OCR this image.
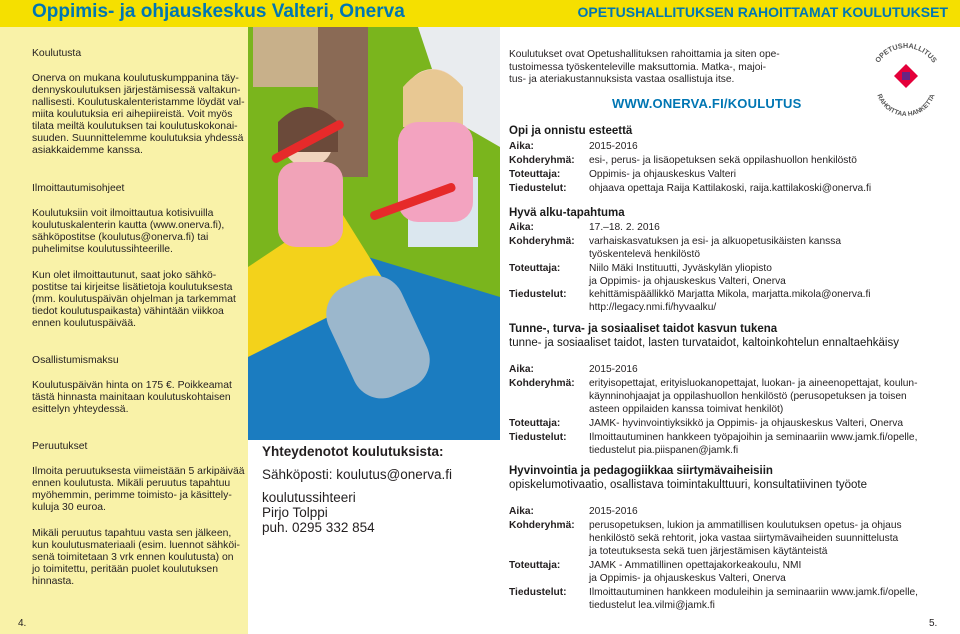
Oppimis- ja ohjauskeskus Valteri, Onerva	OPETUSHALLITUKSEN RAHOITTAMAT KOULUTUKSET
Koulutusta
Onerva on mukana koulutuskumppanina täy-
dennyskoulutuksen järjestämisessä valtakun-
nallisesti. Koulutuskalenteristamme löydät val-
miita koulutuksia eri aihepiireistä. Voit myös
tilata meiltä koulutuksen tai koulutuskokonai-
suuden. Suunnittelemme koulutuksia yhdessä
asiakkaidemme kanssa.
Ilmoittautumisohjeet
Koulutuksiin voit ilmoittautua kotisivuilla
koulutuskalenterin kautta (www.onerva.fi),
sähköpostitse (koulutus@onerva.fi) tai
puhelimitse koulutussihteerille.
Kun olet ilmoittautunut, saat joko sähkö-
postitse tai kirjeitse lisätietoja koulutuksesta
(mm. koulutuspäivän ohjelman ja tarkemmat
tiedot koulutuspaikasta) vähintään viikkoa
ennen koulutuspäivää.
Osallistumismaksu
Koulutuspäivän hinta on 175 €. Poikkeamat
tästä hinnasta mainitaan koulutuskohtaisen
esittelyn yhteydessä.
Peruutukset
Ilmoita peruutuksesta viimeistään 5 arkipäivää
ennen koulutusta. Mikäli peruutus tapahtuu
myöhemmin, perimme toimisto- ja käsittely-
kuluja 30 euroa.
Mikäli peruutus tapahtuu vasta sen jälkeen,
kun koulutusmateriaali (esim. luennot sähköi-
senä toimitetaan 3 vrk ennen koulutusta) on
jo toimitettu, peritään puolet koulutuksen
hinnasta.
Yhteydenotot koulutuksista:
Sähköposti: koulutus@onerva.fi
koulutussihteeri
Pirjo Tolppi
puh. 0295 332 854
Koulutukset ovat Opetushallituksen rahoittamia ja siten ope-
tustoimessa työskenteleville maksuttomia. Matka-, majoi-
tus- ja ateriakustannuksista vastaa osallistuja itse.
WWW.ONERVA.FI/KOULUTUS
OPETUSHALLITUS
RAHOITTAA HANKETTA
Opi ja onnistu esteettä
Aika:	2015-2016
Kohderyhmä: esi-, perus- ja lisäopetuksen sekä oppilashuollon henkilöstö
Toteuttaja:	Oppimis- ja ohjauskeskus Valteri
Tiedustelut: ohjaava opettaja Raija Kattilakoski, raija.kattilakoski@onerva.fi
Hyvä alku-tapahtuma
Aika:	17.–18. 2. 2016
Kohderyhmä: varhaiskasvatuksen ja esi- ja alkuopetusikäisten kanssa
työskentelevä henkilöstö
Toteuttaja:	Niilo Mäki Instituutti, Jyväskylän yliopisto
ja Oppimis- ja ohjauskeskus Valteri, Onerva
Tiedustelut: kehittämispäällikkö Marjatta Mikola, marjatta.mikola@onerva.fi
http://legacy.nmi.fi/hyvaalku/
Tunne-, turva- ja sosiaaliset taidot kasvun tukena
tunne- ja sosiaaliset taidot, lasten turvataidot, kaltoinkohtelun ennaltaehkäisy
Aika:	2015-2016
Kohderyhmä: erityisopettajat, erityisluokanopettajat, luokan- ja aineenopettajat, koulun-
käynninohjaajat ja oppilashuollon henkilöstö (perusopetuksen ja toisen
asteen oppilaiden kanssa toimivat henkilöt)
Toteuttaja:	JAMK- hyvinvointiyksikkö ja Oppimis- ja ohjauskeskus Valteri, Onerva
Tiedustelut: Ilmoittautuminen hankkeen työpajoihin ja seminaariin www.jamk.fi/opelle,
tiedustelut pia.piispanen@jamk.fi
Hyvinvointia ja pedagogiikkaa siirtymävaiheisiin
opiskelumotivaatio, osallistava toimintakulttuuri, konsultatiivinen työote
Aika:	2015-2016
Kohderyhmä: perusopetuksen, lukion ja ammatillisen koulutuksen opetus- ja ohjaus
henkilöstö sekä rehtorit, joka vastaa siirtymävaiheiden suunnittelusta
ja toteutuksesta sekä tuen järjestämisen käytänteistä
Toteuttaja:	JAMK - Ammatillinen opettajakorkeakoulu, NMI
ja Oppimis- ja ohjauskeskus Valteri, Onerva
Tiedustelut: Ilmoittautuminen hankkeen moduleihin ja seminaariin www.jamk.fi/opelle,
tiedustelut lea.vilmi@jamk.fi
4.	5.
